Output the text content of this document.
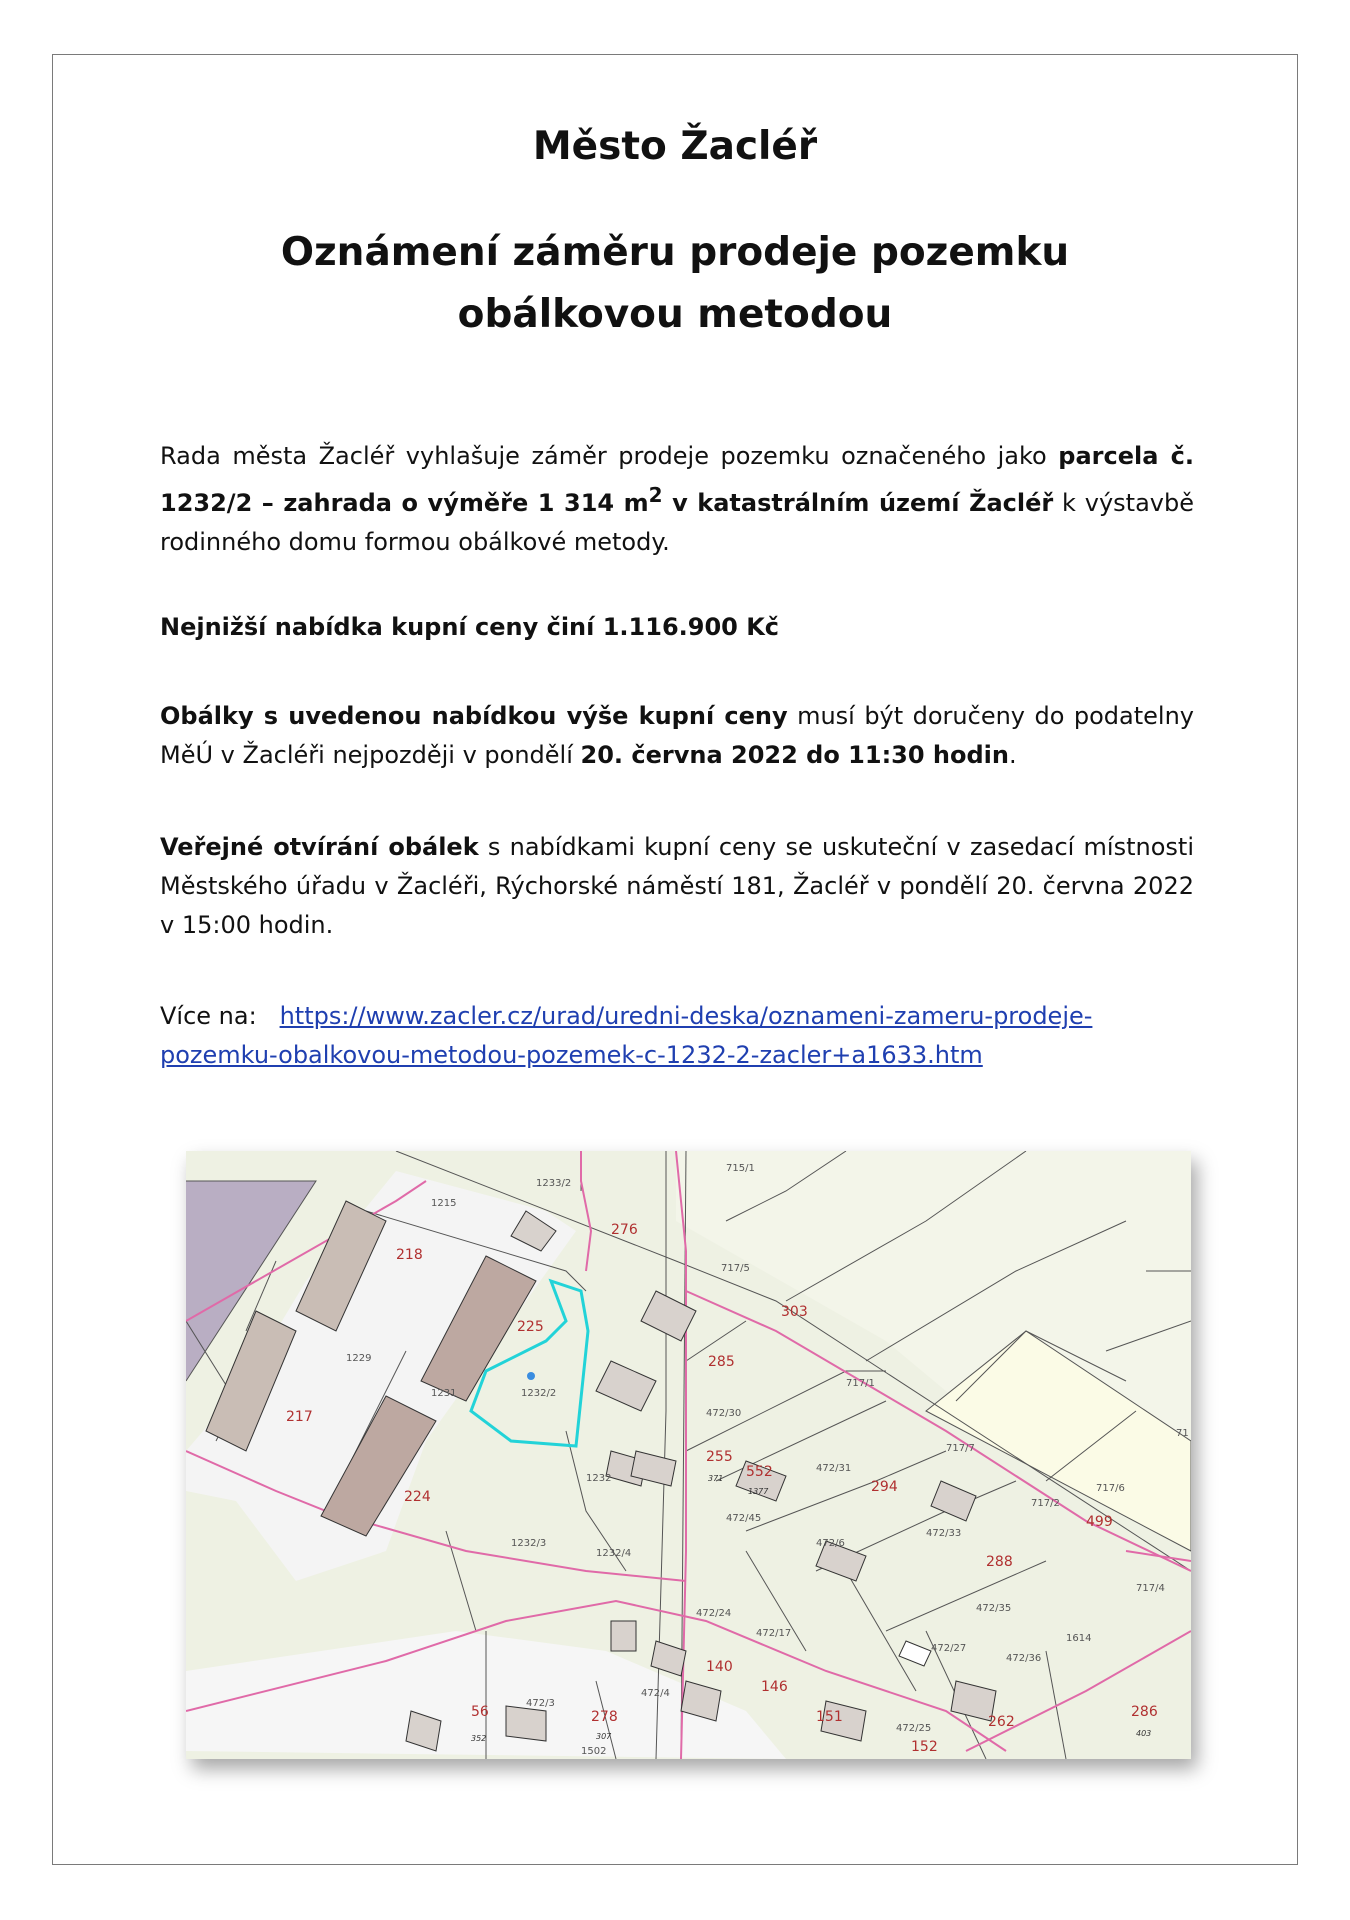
Město Žacléř
Oznámení záměru prodeje pozemku
obálkovou metodou

Rada města Žacléř vyhlašuje záměr prodeje pozemku označeného jako parcela č. 1232/2 – zahrada o výměře 1 314 $m^2$ v katastrálním území Žacléř k výstavbě rodinného domu formou obálkové metody.

Nejnižší nabídka kupní ceny činí 1.116.900 Kč

Obálky s uvedenou nabídkou výše kupní ceny musí být doručeny do podatelny MěÚ v Žacléři nejpozději v pondělí 20. června 2022 do 11:30 hodin.

Veřejné otvírání obálek s nabídkami kupní ceny se uskuteční v zasedací místnosti Městského úřadu v Žacléři, Rýchorské náměstí 181, Žacléř v pondělí 20. června 2022 v 15:00 hodin.

Více na: https://www.zacler.cz/urad/uredni-deska/oznameni-zameru-prodeje-pozemku-obalkovou-metodou-pozemek-c-1232-2-zacler+a1633.htm

1215
1233/2
715/1
717/5
1229
1231	1232/2
1232
717/1
472/30
717/7
472/31
717/2
717/6
472/45
1232/3
1232/4
472/6
472/33
717/4
472/24
472/17
472/35
472/27
472/36
1614
472/4
472/25
1502
472/3
71
276
218
303
225
285
217
255
552
294
499
224
288
140
146
56	278	151	262
286
152
371
1377
352	307	403
